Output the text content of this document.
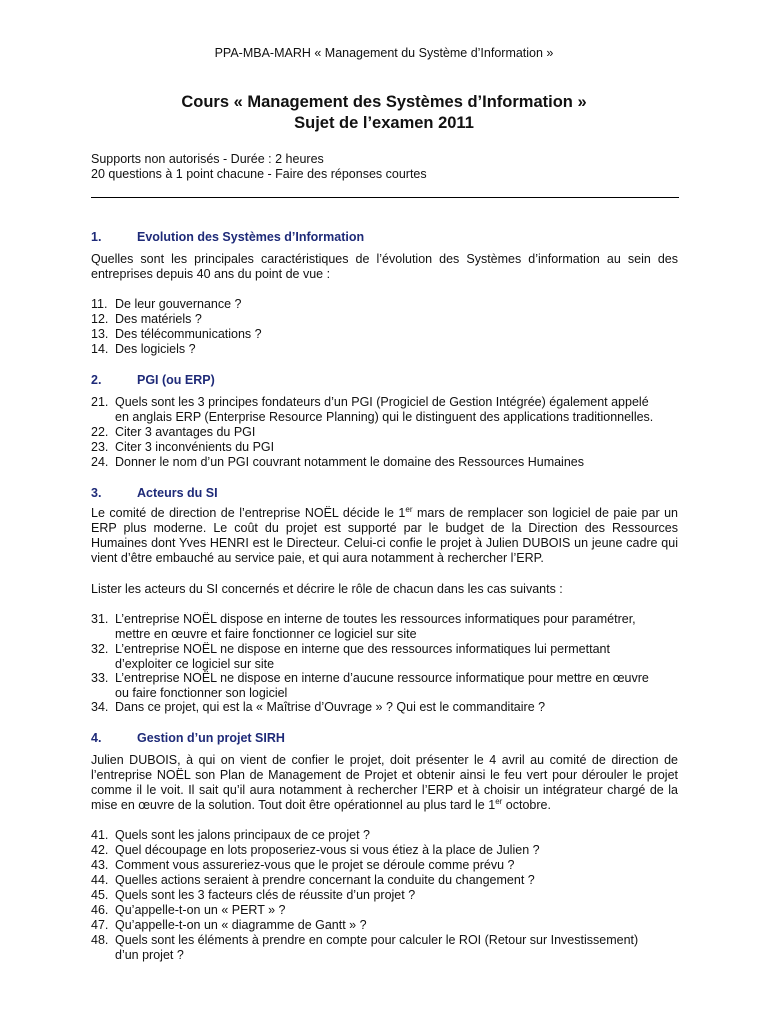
PPA-MBA-MARH « Management du Système d’Information »
Cours « Management des Systèmes d’Information »
Sujet de l’examen 2011
Supports non autorisés - Durée : 2 heures
20 questions à 1 point chacune - Faire des réponses courtes
1.	Evolution des Systèmes d’Information
Quelles sont les principales caractéristiques de l’évolution des Systèmes d’information au sein des entreprises depuis 40 ans du point de vue :
11. De leur gouvernance ?
12. Des matériels ?
13. Des télécommunications ?
14. Des logiciels ?
2.	PGI (ou ERP)
21. Quels sont les 3 principes fondateurs d’un PGI (Progiciel de Gestion Intégrée) également appelé
en anglais ERP (Enterprise Resource Planning) qui le distinguent des applications traditionnelles.
22. Citer 3 avantages du PGI
23. Citer 3 inconvénients du PGI
24. Donner le nom d’un PGI couvrant notamment le domaine des Ressources Humaines
3.	Acteurs du SI
Le comité de direction de l’entreprise NOËL décide le 1er mars de remplacer son logiciel de paie par un ERP plus moderne. Le coût du projet est supporté par le budget de la Direction des Ressources Humaines dont Yves HENRI est le Directeur. Celui-ci confie le projet à Julien DUBOIS un jeune cadre qui vient d’être embauché au service paie, et qui aura notamment à rechercher l’ERP.
Lister les acteurs du SI concernés et décrire le rôle de chacun dans les cas suivants :
31. L’entreprise NOËL dispose en interne de toutes les ressources informatiques pour paramétrer,
mettre en œuvre et faire fonctionner ce logiciel sur site
32. L’entreprise NOËL ne dispose en interne que des ressources informatiques lui permettant
d’exploiter ce logiciel sur site
33. L’entreprise NOËL ne dispose en interne d’aucune ressource informatique pour mettre en œuvre
ou faire fonctionner son logiciel
34. Dans ce projet, qui est la « Maîtrise d’Ouvrage » ? Qui est le commanditaire ?
4.	Gestion d’un projet SIRH
Julien DUBOIS, à qui on vient de confier le projet, doit présenter le 4 avril au comité de direction de l’entreprise NOËL son Plan de Management de Projet et obtenir ainsi le feu vert pour dérouler le projet comme il le voit. Il sait qu’il aura notamment à rechercher l’ERP et à choisir un intégrateur chargé de la mise en œuvre de la solution. Tout doit être opérationnel au plus tard le 1er octobre.
41. Quels sont les jalons principaux de ce projet ?
42. Quel découpage en lots proposeriez-vous si vous étiez à la place de Julien ?
43. Comment vous assureriez-vous que le projet se déroule comme prévu ?
44. Quelles actions seraient à prendre concernant la conduite du changement ?
45. Quels sont les 3 facteurs clés de réussite d’un projet ?
46. Qu’appelle-t-on un « PERT » ?
47. Qu’appelle-t-on un « diagramme de Gantt » ?
48. Quels sont les éléments à prendre en compte pour calculer le ROI (Retour sur Investissement)
d’un projet ?
